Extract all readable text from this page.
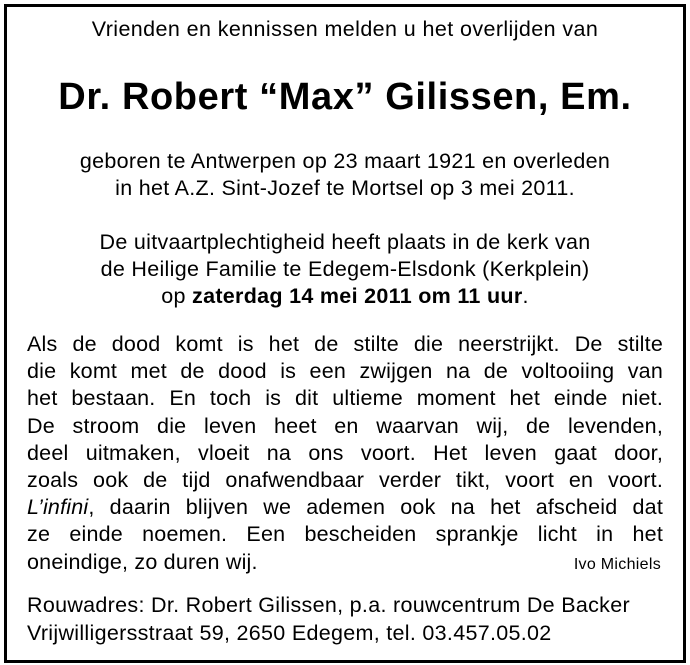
Vrienden en kennissen melden u het overlijden van
Dr. Robert “Max” Gilissen, Em.
geboren te Antwerpen op 23 maart 1921 en overleden
in het A.Z. Sint-Jozef te Mortsel op 3 mei 2011.
De uitvaartplechtigheid heeft plaats in de kerk van
de Heilige Familie te Edegem-Elsdonk (Kerkplein)
op zaterdag 14 mei 2011 om 11 uur.
Als de dood komt is het de stilte die neerstrijkt. De stilte
die komt met de dood is een zwijgen na de voltooiing van
het bestaan. En toch is dit ultieme moment het einde niet.
De stroom die leven heet en waarvan wij, de levenden,
deel uitmaken, vloeit na ons voort. Het leven gaat door,
zoals ook de tijd onafwendbaar verder tikt, voort en voort.
L’infini, daarin blijven we ademen ook na het afscheid dat
ze einde noemen. Een bescheiden sprankje licht in het
oneindige, zo duren wij.	Ivo Michiels
Rouwadres: Dr. Robert Gilissen, p.a. rouwcentrum De Backer
Vrijwilligersstraat 59, 2650 Edegem, tel. 03.457.05.02
